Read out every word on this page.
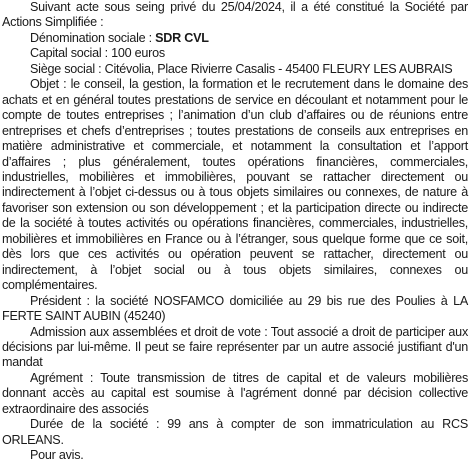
Suivant acte sous seing privé du 25/04/2024, il a été constitué la Société par Actions Simplifiée :

Dénomination sociale : SDR CVL

Capital social : 100 euros

Siège social : Citévolia, Place Rivierre Casalis - 45400 FLEURY LES AUBRAIS

Objet : le conseil, la gestion, la formation et le recrutement dans le domaine des achats et en général toutes prestations de service en découlant et notamment pour le compte de toutes entreprises ; l’animation d’un club d’affaires ou de réunions entre entreprises et chefs d’entreprises ; toutes prestations de conseils aux entreprises en matière administrative et commerciale, et notamment la consultation et l’apport d’affaires ; plus généralement, toutes opérations financières, commerciales, industrielles, mobilières et immobilières, pouvant se rattacher directement ou indirectement à l’objet ci-dessus ou à tous objets similaires ou connexes, de nature à favoriser son extension ou son développement ; et la participation directe ou indirecte de la société à toutes activités ou opérations financières, commerciales, industrielles, mobilières et immobilières en France ou à l’étranger, sous quelque forme que ce soit, dès lors que ces activités ou opération peuvent se rattacher, directement ou indirectement, à l’objet social ou à tous objets similaires, connexes ou complémentaires.

Président : la société NOSFAMCO domiciliée au 29 bis rue des Poulies à LA FERTE SAINT AUBIN (45240)

Admission aux assemblées et droit de vote : Tout associé a droit de participer aux décisions par lui-même. Il peut se faire représenter par un autre associé justifiant d'un mandat

Agrément : Toute transmission de titres de capital et de valeurs mobilières donnant accès au capital est soumise à l'agrément donné par décision collective extraordinaire des associés

Durée de la société : 99 ans à compter de son immatriculation au RCS ORLEANS.

Pour avis.
